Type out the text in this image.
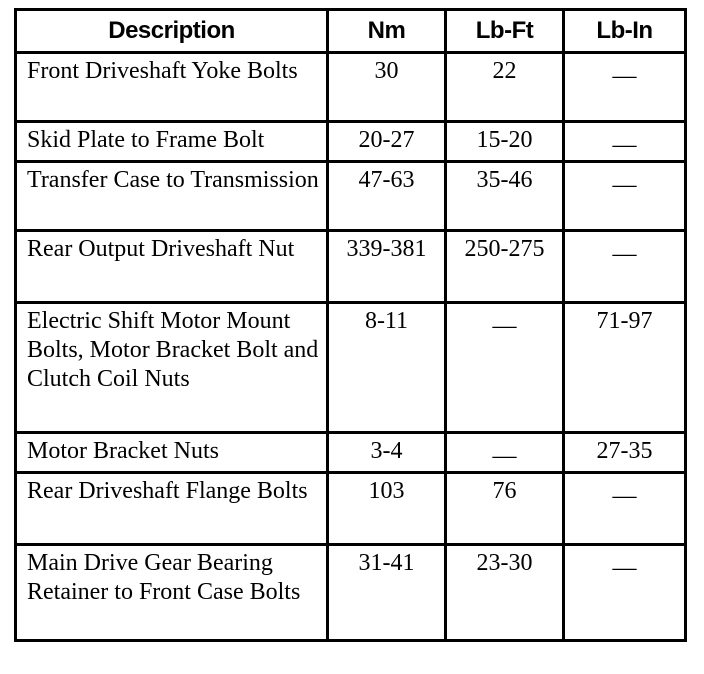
Description	Nm	Lb-Ft	Lb-In
Front Driveshaft Yoke Bolts	30	22	—
Skid Plate to Frame Bolt	20-27	15-20	—
Transfer Case to Transmission	47-63	35-46	—
Rear Output Driveshaft Nut	339-381	250-275	—
Electric Shift Motor Mount Bolts, Motor Bracket Bolt and Clutch Coil Nuts	8-11	—	71-97
Motor Bracket Nuts	3-4	—	27-35
Rear Driveshaft Flange Bolts	103	76	—
Main Drive Gear Bearing Retainer to Front Case Bolts	31-41	23-30	—
